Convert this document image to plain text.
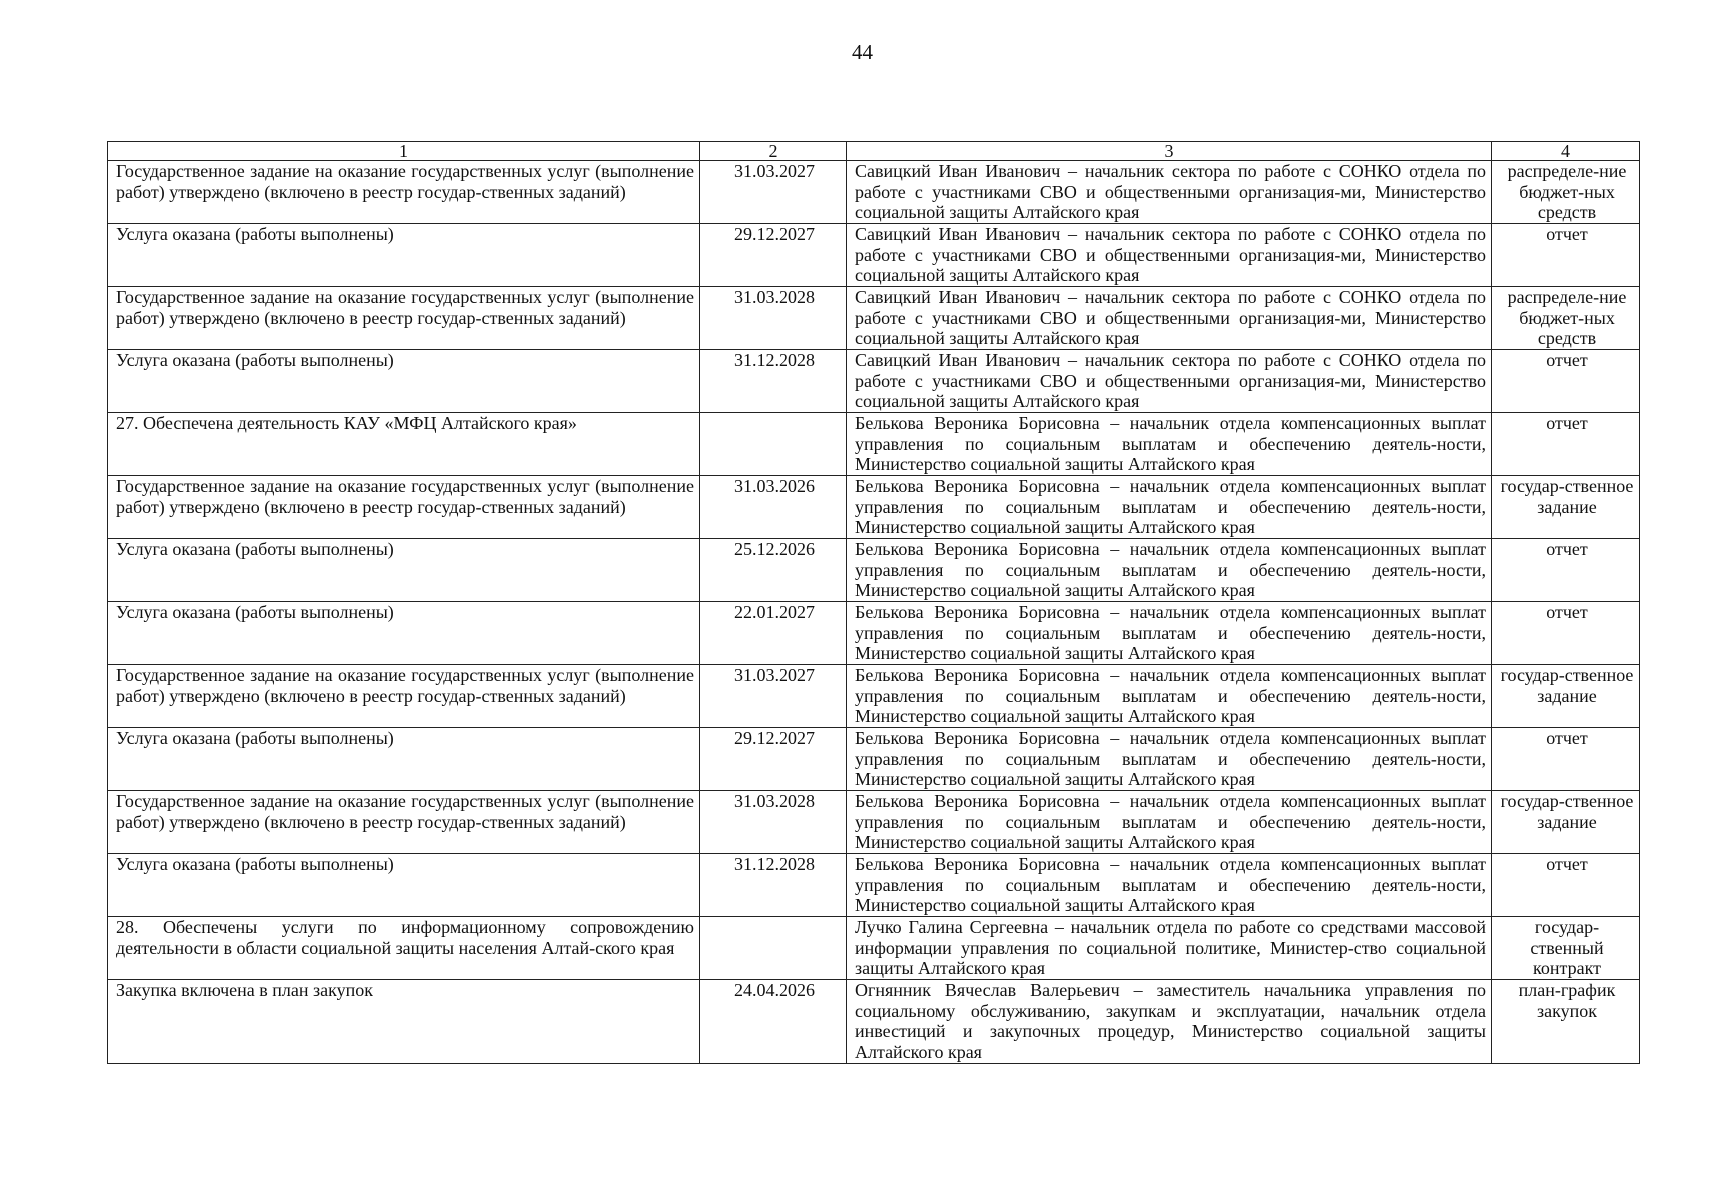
44
1	2	3	4
Государственное задание на оказание государственных услуг (выполнение работ) утверждено (включено в реестр государ-ственных заданий)	31.03.2027	Савицкий Иван Иванович – начальник сектора по работе с СОНКО отдела по работе с участниками СВО и общественными организация-ми, Министерство социальной защиты Алтайского края	распределе-ние бюджет-ных средств
Услуга оказана (работы выполнены)	29.12.2027	Савицкий Иван Иванович – начальник сектора по работе с СОНКО отдела по работе с участниками СВО и общественными организация-ми, Министерство социальной защиты Алтайского края	отчет
Государственное задание на оказание государственных услуг (выполнение работ) утверждено (включено в реестр государ-ственных заданий)	31.03.2028	Савицкий Иван Иванович – начальник сектора по работе с СОНКО отдела по работе с участниками СВО и общественными организация-ми, Министерство социальной защиты Алтайского края	распределе-ние бюджет-ных средств
Услуга оказана (работы выполнены)	31.12.2028	Савицкий Иван Иванович – начальник сектора по работе с СОНКО отдела по работе с участниками СВО и общественными организация-ми, Министерство социальной защиты Алтайского края	отчет
27. Обеспечена деятельность КАУ «МФЦ Алтайского края»		Белькова Вероника Борисовна – начальник отдела компенсационных выплат управления по социальным выплатам и обеспечению деятель-ности, Министерство социальной защиты Алтайского края	отчет
Государственное задание на оказание государственных услуг (выполнение работ) утверждено (включено в реестр государ-ственных заданий)	31.03.2026	Белькова Вероника Борисовна – начальник отдела компенсационных выплат управления по социальным выплатам и обеспечению деятель-ности, Министерство социальной защиты Алтайского края	государ-ственное задание
Услуга оказана (работы выполнены)	25.12.2026	Белькова Вероника Борисовна – начальник отдела компенсационных выплат управления по социальным выплатам и обеспечению деятель-ности, Министерство социальной защиты Алтайского края	отчет
Услуга оказана (работы выполнены)	22.01.2027	Белькова Вероника Борисовна – начальник отдела компенсационных выплат управления по социальным выплатам и обеспечению деятель-ности, Министерство социальной защиты Алтайского края	отчет
Государственное задание на оказание государственных услуг (выполнение работ) утверждено (включено в реестр государ-ственных заданий)	31.03.2027	Белькова Вероника Борисовна – начальник отдела компенсационных выплат управления по социальным выплатам и обеспечению деятель-ности, Министерство социальной защиты Алтайского края	государ-ственное задание
Услуга оказана (работы выполнены)	29.12.2027	Белькова Вероника Борисовна – начальник отдела компенсационных выплат управления по социальным выплатам и обеспечению деятель-ности, Министерство социальной защиты Алтайского края	отчет
Государственное задание на оказание государственных услуг (выполнение работ) утверждено (включено в реестр государ-ственных заданий)	31.03.2028	Белькова Вероника Борисовна – начальник отдела компенсационных выплат управления по социальным выплатам и обеспечению деятель-ности, Министерство социальной защиты Алтайского края	государ-ственное задание
Услуга оказана (работы выполнены)	31.12.2028	Белькова Вероника Борисовна – начальник отдела компенсационных выплат управления по социальным выплатам и обеспечению деятель-ности, Министерство социальной защиты Алтайского края	отчет
28. Обеспечены услуги по информационному сопровождению деятельности в области социальной защиты населения Алтай-ского края		Лучко Галина Сергеевна – начальник отдела по работе со средствами массовой информации управления по социальной политике, Министер-ство социальной защиты Алтайского края	государ-ственный контракт
Закупка включена в план закупок	24.04.2026	Огнянник Вячеслав Валерьевич – заместитель начальника управления по социальному обслуживанию, закупкам и эксплуатации, начальник отдела инвестиций и закупочных процедур, Министерство социальной защиты Алтайского края	план-график закупок
